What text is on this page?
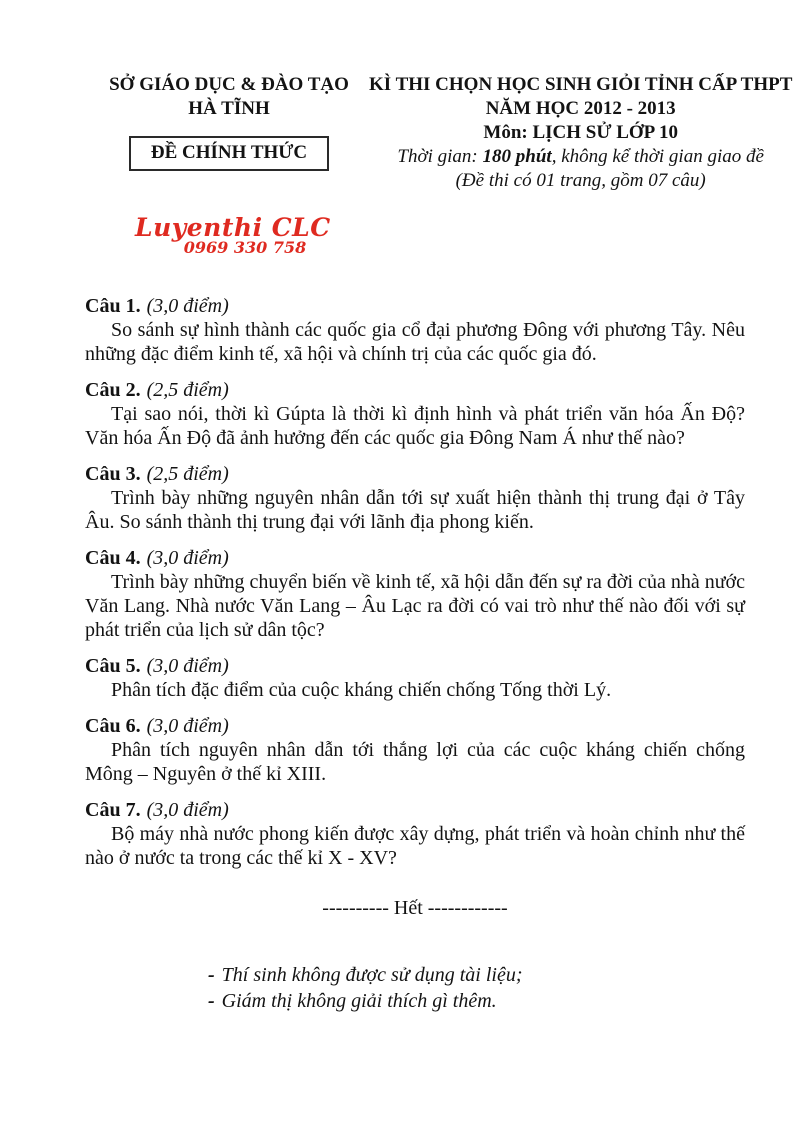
SỞ GIÁO DỤC & ĐÀO TẠO
HÀ TĨNH
ĐỀ CHÍNH THỨC
KÌ THI CHỌN HỌC SINH GIỎI TỈNH CẤP THPT
NĂM HỌC 2012 - 2013
Môn: LỊCH SỬ LỚP 10
Thời gian: 180 phút, không kể thời gian giao đề
(Đề thi có 01 trang, gồm 07 câu)
Luyenthi CLC
0969 330 758
Câu 1. (3,0 điểm)
So sánh sự hình thành các quốc gia cổ đại phương Đông với phương Tây. Nêu những đặc điểm kinh tế, xã hội và chính trị của các quốc gia đó.
Câu 2. (2,5 điểm)
Tại sao nói, thời kì Gúpta là thời kì định hình và phát triển văn hóa Ấn Độ? Văn hóa Ấn Độ đã ảnh hưởng đến các quốc gia Đông Nam Á như thế nào?
Câu 3. (2,5 điểm)
Trình bày những nguyên nhân dẫn tới sự xuất hiện thành thị trung đại ở Tây Âu. So sánh thành thị trung đại với lãnh địa phong kiến.
Câu 4. (3,0 điểm)
Trình bày những chuyển biến về kinh tế, xã hội dẫn đến sự ra đời của nhà nước Văn Lang. Nhà nước Văn Lang – Âu Lạc ra đời có vai trò như thế nào đối với sự phát triển của lịch sử dân tộc?
Câu 5. (3,0 điểm)
Phân tích đặc điểm của cuộc kháng chiến chống Tống thời Lý.
Câu 6. (3,0 điểm)
Phân tích nguyên nhân dẫn tới thắng lợi của các cuộc kháng chiến chống Mông – Nguyên ở thế kỉ XIII.
Câu 7. (3,0 điểm)
Bộ máy nhà nước phong kiến được xây dựng, phát triển và hoàn chỉnh như thế nào ở nước ta trong các thế kỉ X - XV?
---------- Hết ------------
- Thí sinh không được sử dụng tài liệu;
- Giám thị không giải thích gì thêm.
